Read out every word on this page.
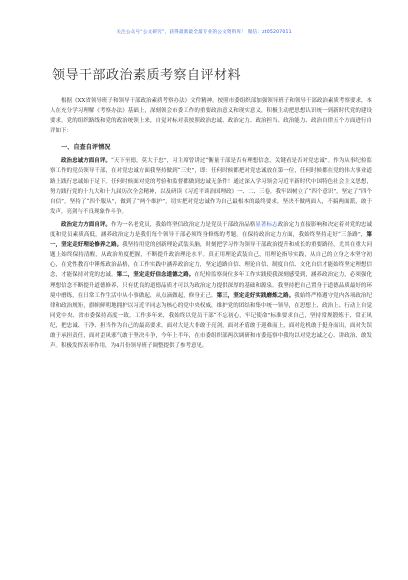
关注公众号“公文研究”，获得最新最全最专业的公文资料库！ 微信：zt05207011
领导干部政治素质考察自评材料

根据《XX省领导班子和领导干部政治素质考察办法》文件精神，按照市委组织部加强领导班子和领导干部政治素质考察要求，本人在充分学习理解《考察办法》基础上，深刻领会市委工作的重要政治意义和现实意义，积极主动把思想认识统一到新时代党的建设要求。党的组织路线和党的政治统领上来，自觉对标对表按照政治忠诚、政治定力、政治担当、政治能力、政治自律五个方面进行自评如下：

一、自查自评情况

政治忠诚方面自评。“天下至德，莫大于忠”，习主席曾讲过“衡量干部是否有理想信念，关键看是否对党忠诚”。作为从事纪检监察工作的党员领导干部，在对党忠诚方面我坚持做到“三史”，即：任何时候都把对党忠诚放在第一位，任何时候都在党的伟大事业道路上践行忠诚始于足下。任何时候面对党的考验和监督都做到忠诚无条件！通过深入学习领会习近平新时代中国特色社会主义思想，努力践行党的十九大和十九届历次全会精神，以及研读《习近平谈治国理政》一、二、三卷，我牢固树立了“四个意识”，坚定了“四个自信”，坚持了“四个服从”，做到了“两个维护”，切实把对党忠诚作为自己最根本的最终要求，坚决不做两面人，不搞两面派，敢于发声，亮剑与不良现象作斗争。

政治定力方面自评。作为一名老党员，我始终坚信政治定力是党员干部政治品格显著标志政治定力直接影响和决定着对党的忠诚度和党员素质高低，涵养政治定力是我们每个领导干部必须终身修炼的考题。在保持政治定力方面，我始终坚持走好“三条路”，第一，坚定走好理论修养之路。我坚持用党的创新理论武装头脑，时刻把学习作为领导干部政治提升和成长的重要路径，尤其在重大问题上始终保持清醒，从政治角度把握，不断提升政治理论水平。真正用理论武装自己，用理论指导实践，从自己的立身之本坚守初心，在党性教育中锤炼政治品格，在工作实践中涵养政治定力，坚定道路自信、理论自信、制度自信、文化自信才能始终坚定理想信念，才能保持对党的忠诚。第二，坚定走好信念道德之路。在纪检监察岗位多年工作实践使我深刻感受到，涵养政治定力，必须强化理想信念不断提升道德修养，只有优良的道德品质才可以为政治定力提供深厚的基础和源泉。我坚持把自己置身于道德品质最好的环境中磨练，在日常工作生活中从小事做起，从点滴做起，修身正己。第三，坚定走好实践磨炼之路。我始终严格遵守党内各项政治纪律和政治规矩，旗帜鲜明地拥护以习近平同志为核心的党中央权威，维护党的团结和集中统一领导，在思想上、政治上、行动上自觉同党中央、省市委保持高度一致。工作多年来，我始终以党员干部“不忘初心，牢记使命”标准要求自己，坚持常规锻炼于、常正风纪，把忠诚、干净、担当作为自己的最高要求。面对大是大非敢于亮剑，面对矛盾敢于迎难而上，面对危机敢于挺身而出，面对失误敢于承担责任，面对歪风邪气敢于坚决斗争，今年上半年，在市委组织部两次调研和市委巡察中我均以对党忠诚之心、讲政治、敢发声。积极发挥表率作用，为4月份领导班子调整提供了参考意见。
